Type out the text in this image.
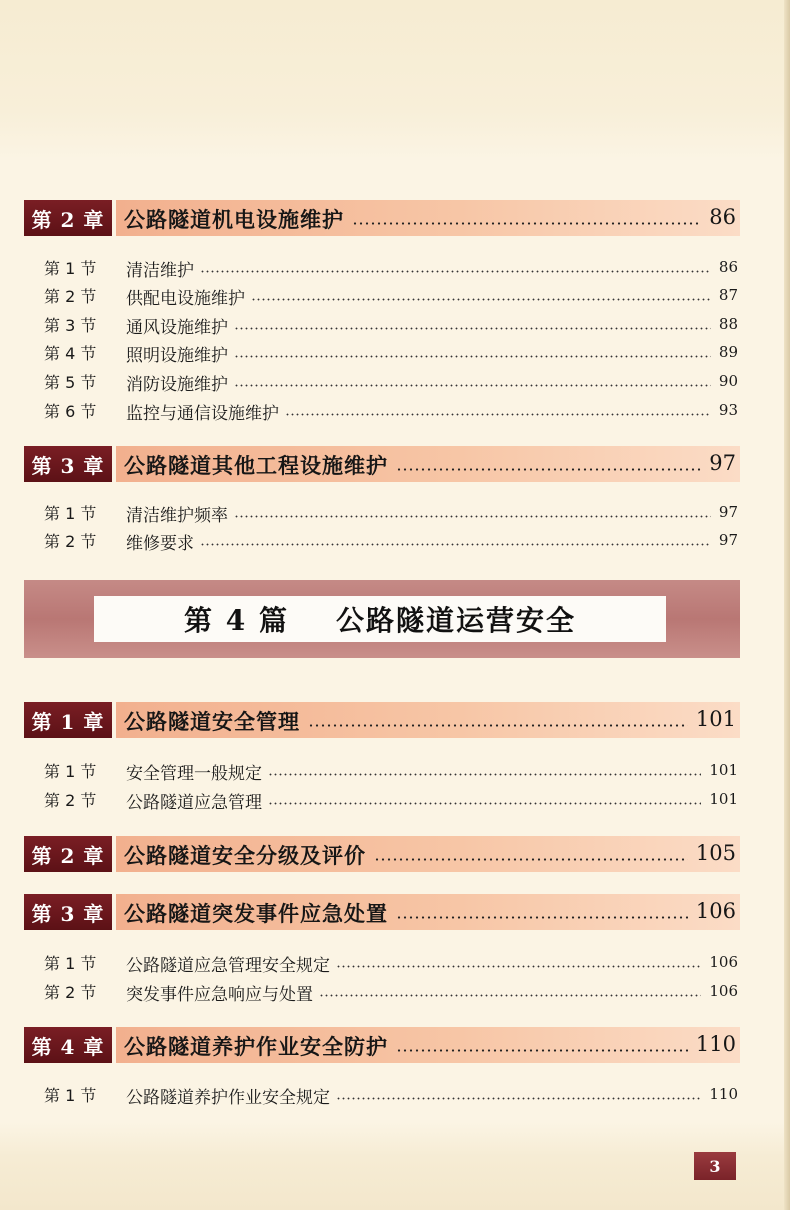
第 2 章 公路隧道机电设施维护	86
第 1 节	清洁维护	86
第 2 节	供配电设施维护	87
第 3 节	通风设施维护	88
第 4 节	照明设施维护	89
第 5 节	消防设施维护	90
第 6 节	监控与通信设施维护	93
第 3 章 公路隧道其他工程设施维护	97
第 1 节	清洁维护频率	97
第 2 节	维修要求	97
第 1 章 公路隧道安全管理	101
第 1 节	安全管理一般规定	101
第 2 节	公路隧道应急管理	101
第 2 章 公路隧道安全分级及评价	105
第 3 章 公路隧道突发事件应急处置	106
第 1 节	公路隧道应急管理安全规定	106
第 2 节	突发事件应急响应与处置	106
第 4 章 公路隧道养护作业安全防护	110
第 1 节	公路隧道养护作业安全规定	110
第 4 篇    公路隧道运营安全
3
